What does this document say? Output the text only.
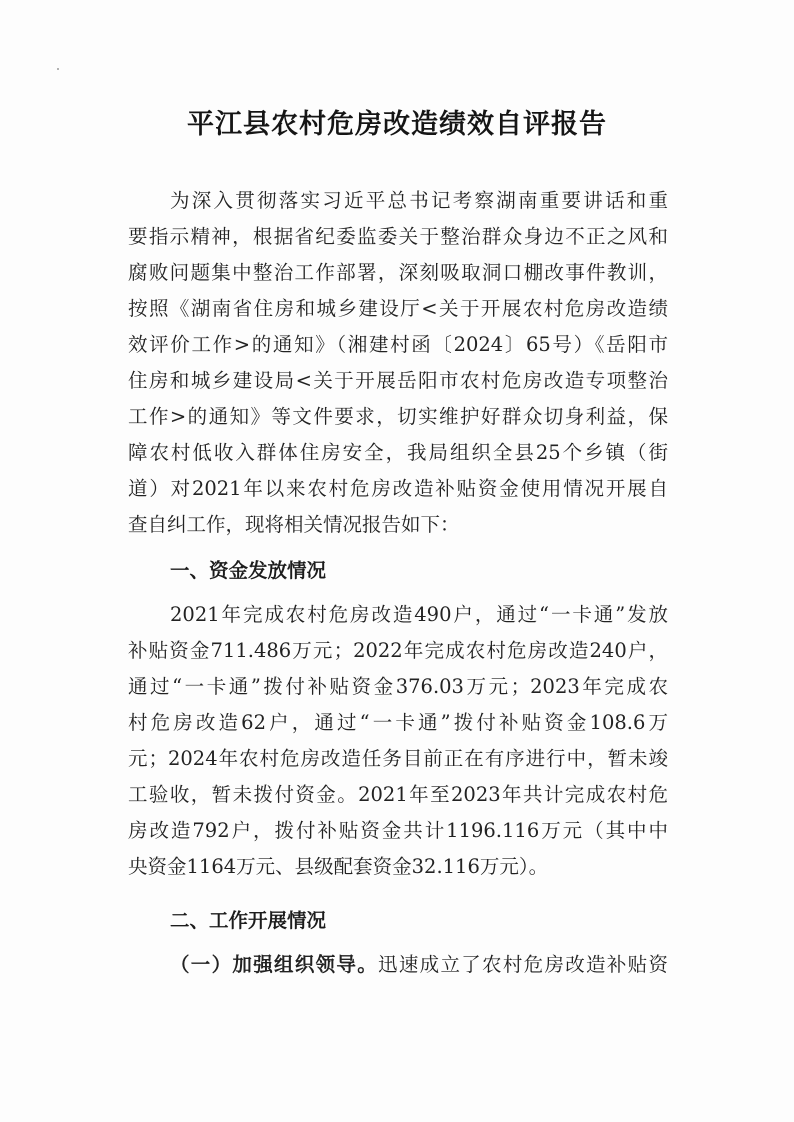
平江县农村危房改造绩效自评报告
为深入贯彻落实习近平总书记考察湖南重要讲话和重
要指示精神，根据省纪委监委关于整治群众身边不正之风和
腐败问题集中整治工作部署，深刻吸取洞口棚改事件教训，
按照《湖南省住房和城乡建设厅<关于开展农村危房改造绩
效评价工作>的通知》（湘建村函〔2024〕65号）《岳阳市
住房和城乡建设局<关于开展岳阳市农村危房改造专项整治
工作>的通知》等文件要求，切实维护好群众切身利益，保
障农村低收入群体住房安全，我局组织全县25个乡镇（街
道）对2021年以来农村危房改造补贴资金使用情况开展自
查自纠工作，现将相关情况报告如下：
一、资金发放情况
2021年完成农村危房改造490户，通过“一卡通”发放
补贴资金711.486万元；2022年完成农村危房改造240户，
通过“一卡通”拨付补贴资金376.03万元；2023年完成农
村危房改造62户，通过“一卡通”拨付补贴资金108.6万
元；2024年农村危房改造任务目前正在有序进行中，暂未竣
工验收，暂未拨付资金。2021年至2023年共计完成农村危
房改造792户，拨付补贴资金共计1196.116万元（其中中
央资金1164万元、县级配套资金32.116万元）。
二、工作开展情况
（一）加强组织领导。迅速成立了农村危房改造补贴资
